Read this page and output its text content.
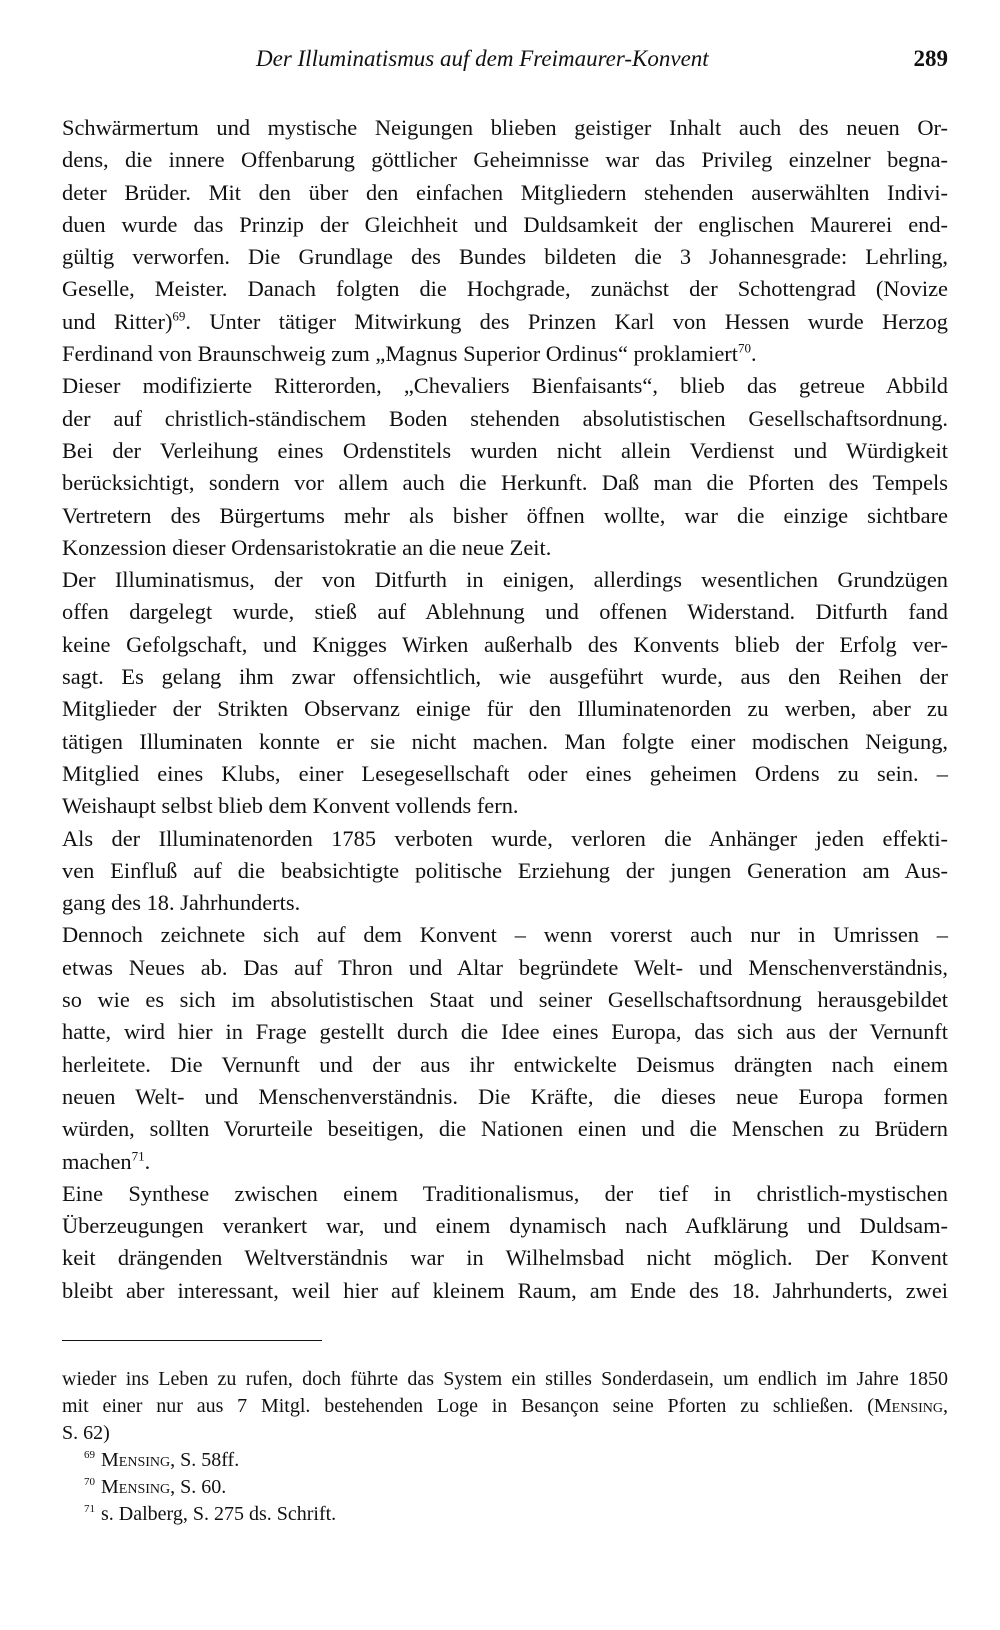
Der Illuminatismus auf dem Freimaurer-Konvent	289

Schwärmertum und mystische Neigungen blieben geistiger Inhalt auch des neuen Or-
dens, die innere Offenbarung göttlicher Geheimnisse war das Privileg einzelner begna-
deter Brüder. Mit den über den einfachen Mitgliedern stehenden auserwählten Indivi-
duen wurde das Prinzip der Gleichheit und Duldsamkeit der englischen Maurerei end-
gültig verworfen. Die Grundlage des Bundes bildeten die 3 Johannesgrade: Lehrling,
Geselle, Meister. Danach folgten die Hochgrade, zunächst der Schottengrad (Novize
und Ritter)$^{69}$. Unter tätiger Mitwirkung des Prinzen Karl von Hessen wurde Herzog
Ferdinand von Braunschweig zum „Magnus Superior Ordinus“ proklamiert$^{70}$.

Dieser modifizierte Ritterorden, „Chevaliers Bienfaisants“, blieb das getreue Abbild
der auf christlich-ständischem Boden stehenden absolutistischen Gesellschaftsordnung.
Bei der Verleihung eines Ordenstitels wurden nicht allein Verdienst und Würdigkeit
berücksichtigt, sondern vor allem auch die Herkunft. Daß man die Pforten des Tempels
Vertretern des Bürgertums mehr als bisher öffnen wollte, war die einzige sichtbare
Konzession dieser Ordensaristokratie an die neue Zeit.

Der Illuminatismus, der von Ditfurth in einigen, allerdings wesentlichen Grundzügen
offen dargelegt wurde, stieß auf Ablehnung und offenen Widerstand. Ditfurth fand
keine Gefolgschaft, und Knigges Wirken außerhalb des Konvents blieb der Erfolg ver-
sagt. Es gelang ihm zwar offensichtlich, wie ausgeführt wurde, aus den Reihen der
Mitglieder der Strikten Observanz einige für den Illuminatenorden zu werben, aber zu
tätigen Illuminaten konnte er sie nicht machen. Man folgte einer modischen Neigung,
Mitglied eines Klubs, einer Lesegesellschaft oder eines geheimen Ordens zu sein. –
Weishaupt selbst blieb dem Konvent vollends fern.

Als der Illuminatenorden 1785 verboten wurde, verloren die Anhänger jeden effekti-
ven Einfluß auf die beabsichtigte politische Erziehung der jungen Generation am Aus-
gang des 18. Jahrhunderts.

Dennoch zeichnete sich auf dem Konvent – wenn vorerst auch nur in Umrissen –
etwas Neues ab. Das auf Thron und Altar begründete Welt- und Menschenverständnis,
so wie es sich im absolutistischen Staat und seiner Gesellschaftsordnung herausgebildet
hatte, wird hier in Frage gestellt durch die Idee eines Europa, das sich aus der Vernunft
herleitete. Die Vernunft und der aus ihr entwickelte Deismus drängten nach einem
neuen Welt- und Menschenverständnis. Die Kräfte, die dieses neue Europa formen
würden, sollten Vorurteile beseitigen, die Nationen einen und die Menschen zu Brüdern
machen$^{71}$.

Eine Synthese zwischen einem Traditionalismus, der tief in christlich-mystischen
Überzeugungen verankert war, und einem dynamisch nach Aufklärung und Duldsam-
keit drängenden Weltverständnis war in Wilhelmsbad nicht möglich. Der Konvent
bleibt aber interessant, weil hier auf kleinem Raum, am Ende des 18. Jahrhunderts, zwei

wieder ins Leben zu rufen, doch führte das System ein stilles Sonderdasein, um endlich im Jahre 1850
mit einer nur aus 7 Mitgl. bestehenden Loge in Besançon seine Pforten zu schließen. (Mensing,
S. 62)
$^{69}$ Mensing, S. 58ff.
$^{70}$ Mensing, S. 60.
$^{71}$ s. Dalberg, S. 275 ds. Schrift.
